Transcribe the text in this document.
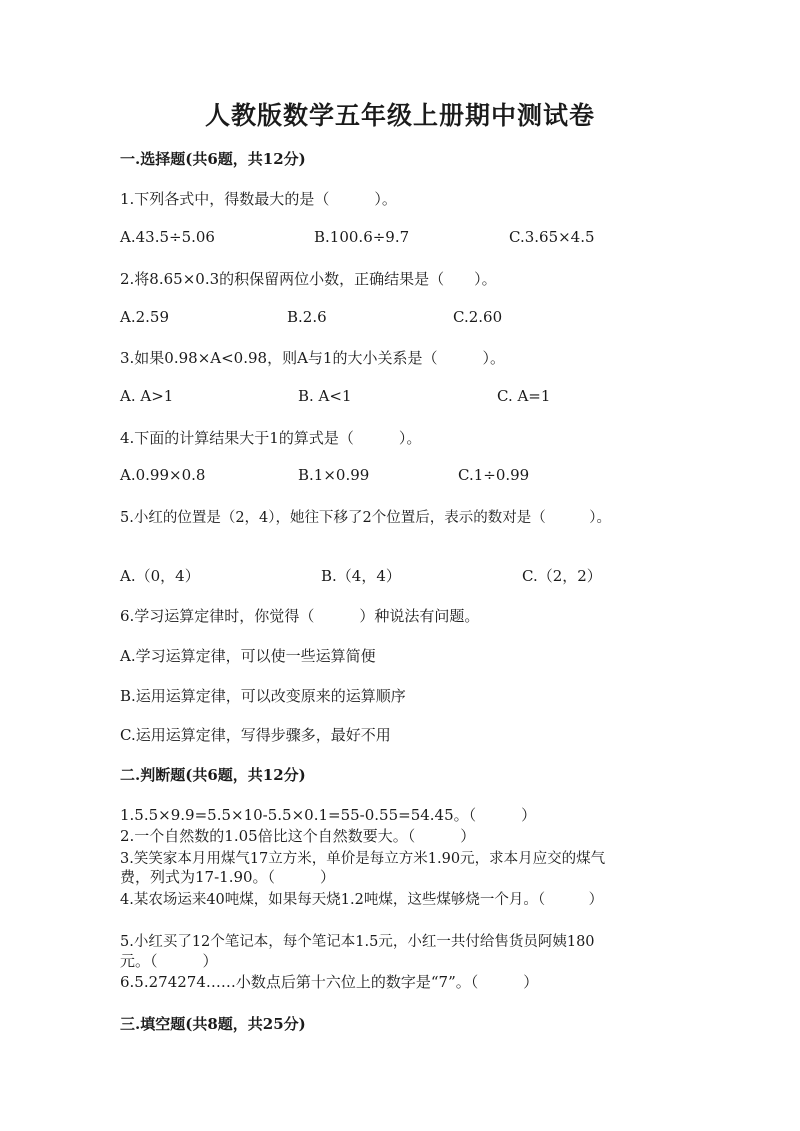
人教版数学五年级上册期中测试卷
一.选择题(共6题，共12分)
1.下列各式中，得数最大的是（　　　）。
A.43.5÷5.06	B.100.6÷9.7	C.3.65×4.5
2.将8.65×0.3的积保留两位小数，正确结果是（　　）。
A.2.59	B.2.6	C.2.60
3.如果0.98×A<0.98，则A与1的大小关系是（　　　）。
A. A>1	B. A<1	C. A=1
4.下面的计算结果大于1的算式是（　　　）。
A.0.99×0.8	B.1×0.99	C.1÷0.99
5.小红的位置是（2，4），她往下移了2个位置后，表示的数对是（　　　）。
A.（0，4）	B.（4，4）	C.（2，2）
6.学习运算定律时，你觉得（　　　）种说法有问题。
A.学习运算定律，可以使一些运算简便
B.运用运算定律，可以改变原来的运算顺序
C.运用运算定律，写得步骤多，最好不用
二.判断题(共6题，共12分)
1.5.5×9.9=5.5×10-5.5×0.1=55-0.55=54.45。（　　　）
2.一个自然数的1.05倍比这个自然数要大。（　　　）
3.笑笑家本月用煤气17立方米，单价是每立方米1.90元，求本月应交的煤气
费，列式为17-1.90。（　　　）
4.某农场运来40吨煤，如果每天烧1.2吨煤，这些煤够烧一个月。（　　　）
5.小红买了12个笔记本，每个笔记本1.5元，小红一共付给售货员阿姨180
元。（　　　）
6.5.274274……小数点后第十六位上的数字是“7”。（　　　）
三.填空题(共8题，共25分)
